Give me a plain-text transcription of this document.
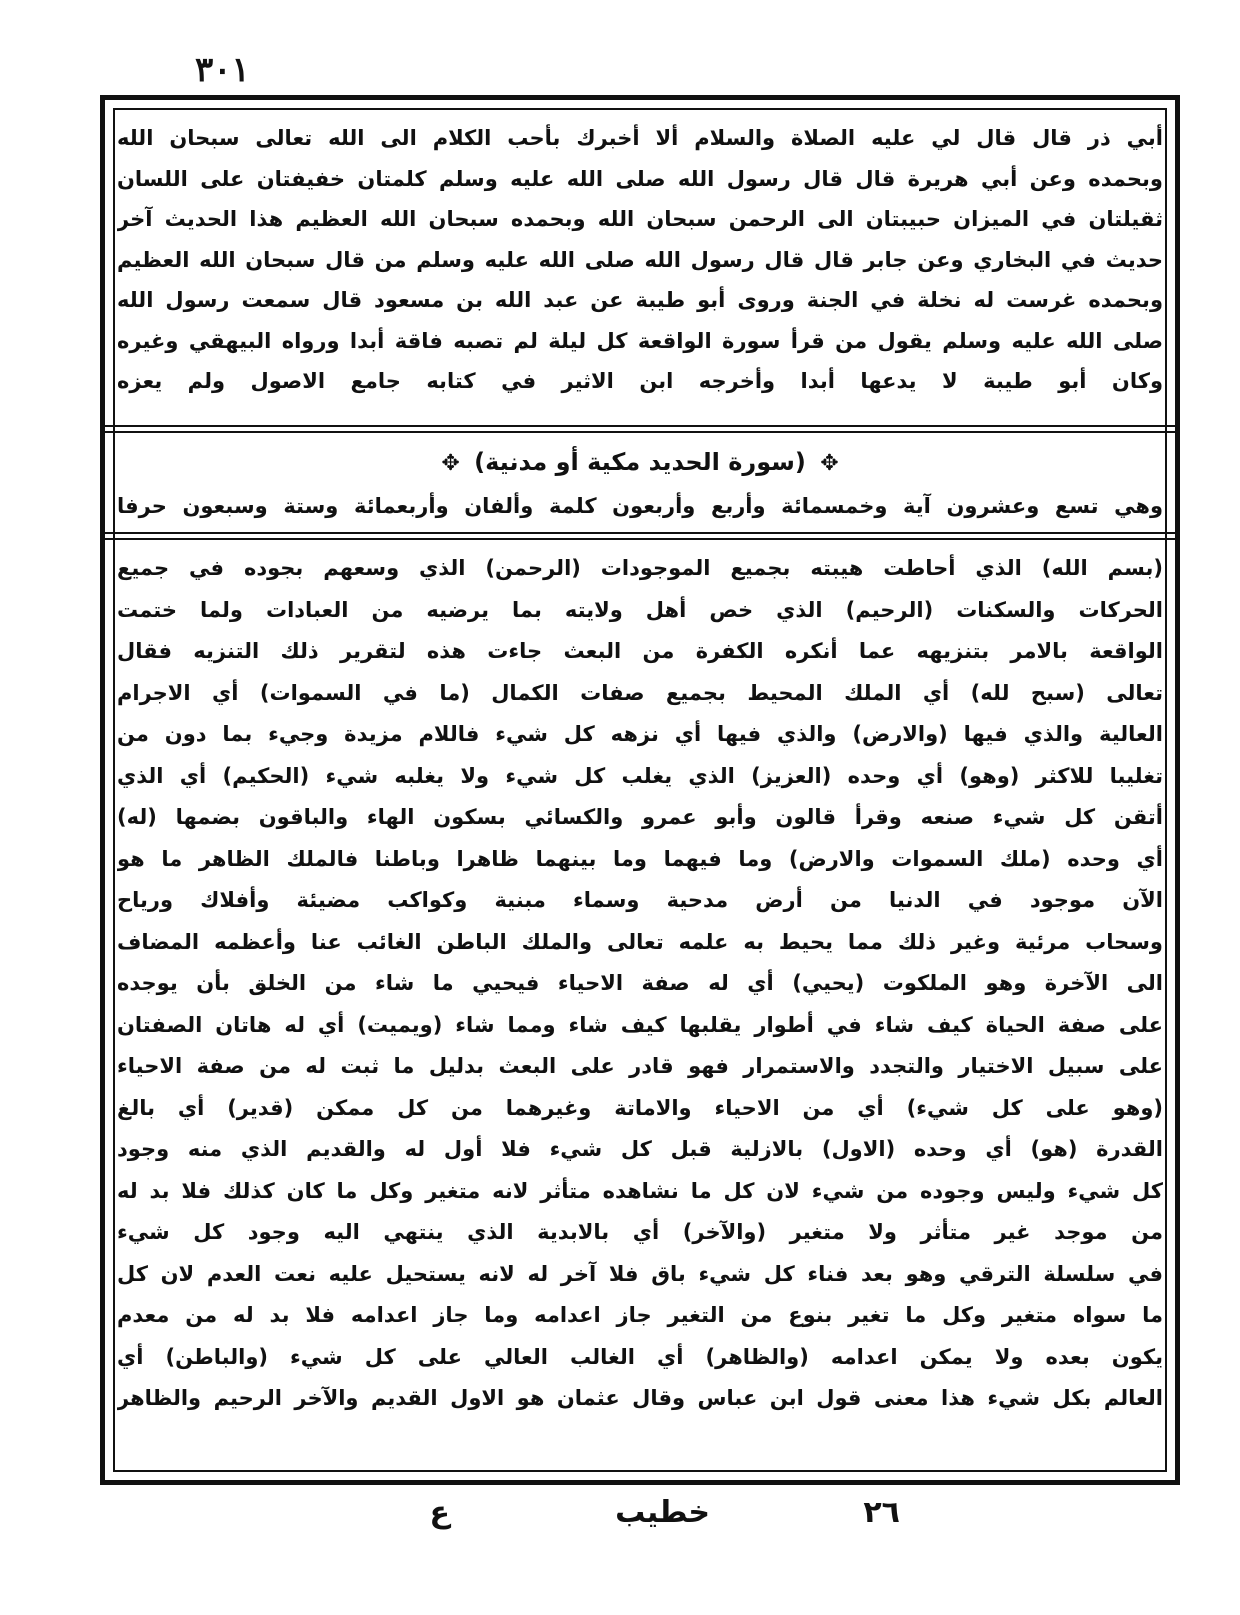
٣٠١
أبي ذر قال قال لي عليه الصلاة والسلام ألا أخبرك بأحب الكلام الى الله تعالى سبحان الله
وبحمده وعن أبي هريرة قال قال رسول الله صلى الله عليه وسلم كلمتان خفيفتان على اللسان
ثقيلتان في الميزان حبيبتان الى الرحمن سبحان الله وبحمده سبحان الله العظيم هذا الحديث آخر
حديث في البخاري وعن جابر قال قال رسول الله صلى الله عليه وسلم من قال سبحان الله العظيم
وبحمده غرست له نخلة في الجنة وروى أبو طيبة عن عبد الله بن مسعود قال سمعت رسول الله
صلى الله عليه وسلم يقول من قرأ سورة الواقعة كل ليلة لم تصبه فاقة أبدا ورواه البيهقي وغيره
وكان أبو طيبة لا يدعها أبدا وأخرجه ابن الاثير في كتابه جامع الاصول ولم يعزه
✥ (سورة الحديد مكية أو مدنية) ✥
وهي تسع وعشرون آية وخمسمائة وأربع وأربعون كلمة وألفان وأربعمائة وستة وسبعون حرفا
(بسم الله) الذي أحاطت هيبته بجميع الموجودات (الرحمن) الذي وسعهم بجوده في جميع
الحركات والسكنات (الرحيم) الذي خص أهل ولايته بما يرضيه من العبادات ولما ختمت
الواقعة بالامر بتنزيهه عما أنكره الكفرة من البعث جاءت هذه لتقرير ذلك التنزيه فقال
تعالى (سبح لله) أي الملك المحيط بجميع صفات الكمال (ما في السموات) أي الاجرام
العالية والذي فيها (والارض) والذي فيها أي نزهه كل شيء فاللام مزيدة وجيء بما دون من
تغليبا للاكثر (وهو) أي وحده (العزيز) الذي يغلب كل شيء ولا يغلبه شيء (الحكيم) أي الذي
أتقن كل شيء صنعه وقرأ قالون وأبو عمرو والكسائي بسكون الهاء والباقون بضمها (له)
أي وحده (ملك السموات والارض) وما فيهما وما بينهما ظاهرا وباطنا فالملك الظاهر ما هو
الآن موجود في الدنيا من أرض مدحية وسماء مبنية وكواكب مضيئة وأفلاك ورياح
وسحاب مرئية وغير ذلك مما يحيط به علمه تعالى والملك الباطن الغائب عنا وأعظمه المضاف
الى الآخرة وهو الملكوت (يحيي) أي له صفة الاحياء فيحيي ما شاء من الخلق بأن يوجده
على صفة الحياة كيف شاء في أطوار يقلبها كيف شاء ومما شاء (ويميت) أي له هاتان الصفتان
على سبيل الاختيار والتجدد والاستمرار فهو قادر على البعث بدليل ما ثبت له من صفة الاحياء
(وهو على كل شيء) أي من الاحياء والاماتة وغيرهما من كل ممكن (قدير) أي بالغ
القدرة (هو) أي وحده (الاول) بالازلية قبل كل شيء فلا أول له والقديم الذي منه وجود
كل شيء وليس وجوده من شيء لان كل ما نشاهده متأثر لانه متغير وكل ما كان كذلك فلا بد له
من موجد غير متأثر ولا متغير (والآخر) أي بالابدية الذي ينتهي اليه وجود كل شيء
في سلسلة الترقي وهو بعد فناء كل شيء باق فلا آخر له لانه يستحيل عليه نعت العدم لان كل
ما سواه متغير وكل ما تغير بنوع من التغير جاز اعدامه وما جاز اعدامه فلا بد له من معدم
يكون بعده ولا يمكن اعدامه (والظاهر) أي الغالب العالي على كل شيء (والباطن) أي
العالم بكل شيء هذا معنى قول ابن عباس وقال عثمان هو الاول القديم والآخر الرحيم والظاهر
٢٦
خطيب
ع
